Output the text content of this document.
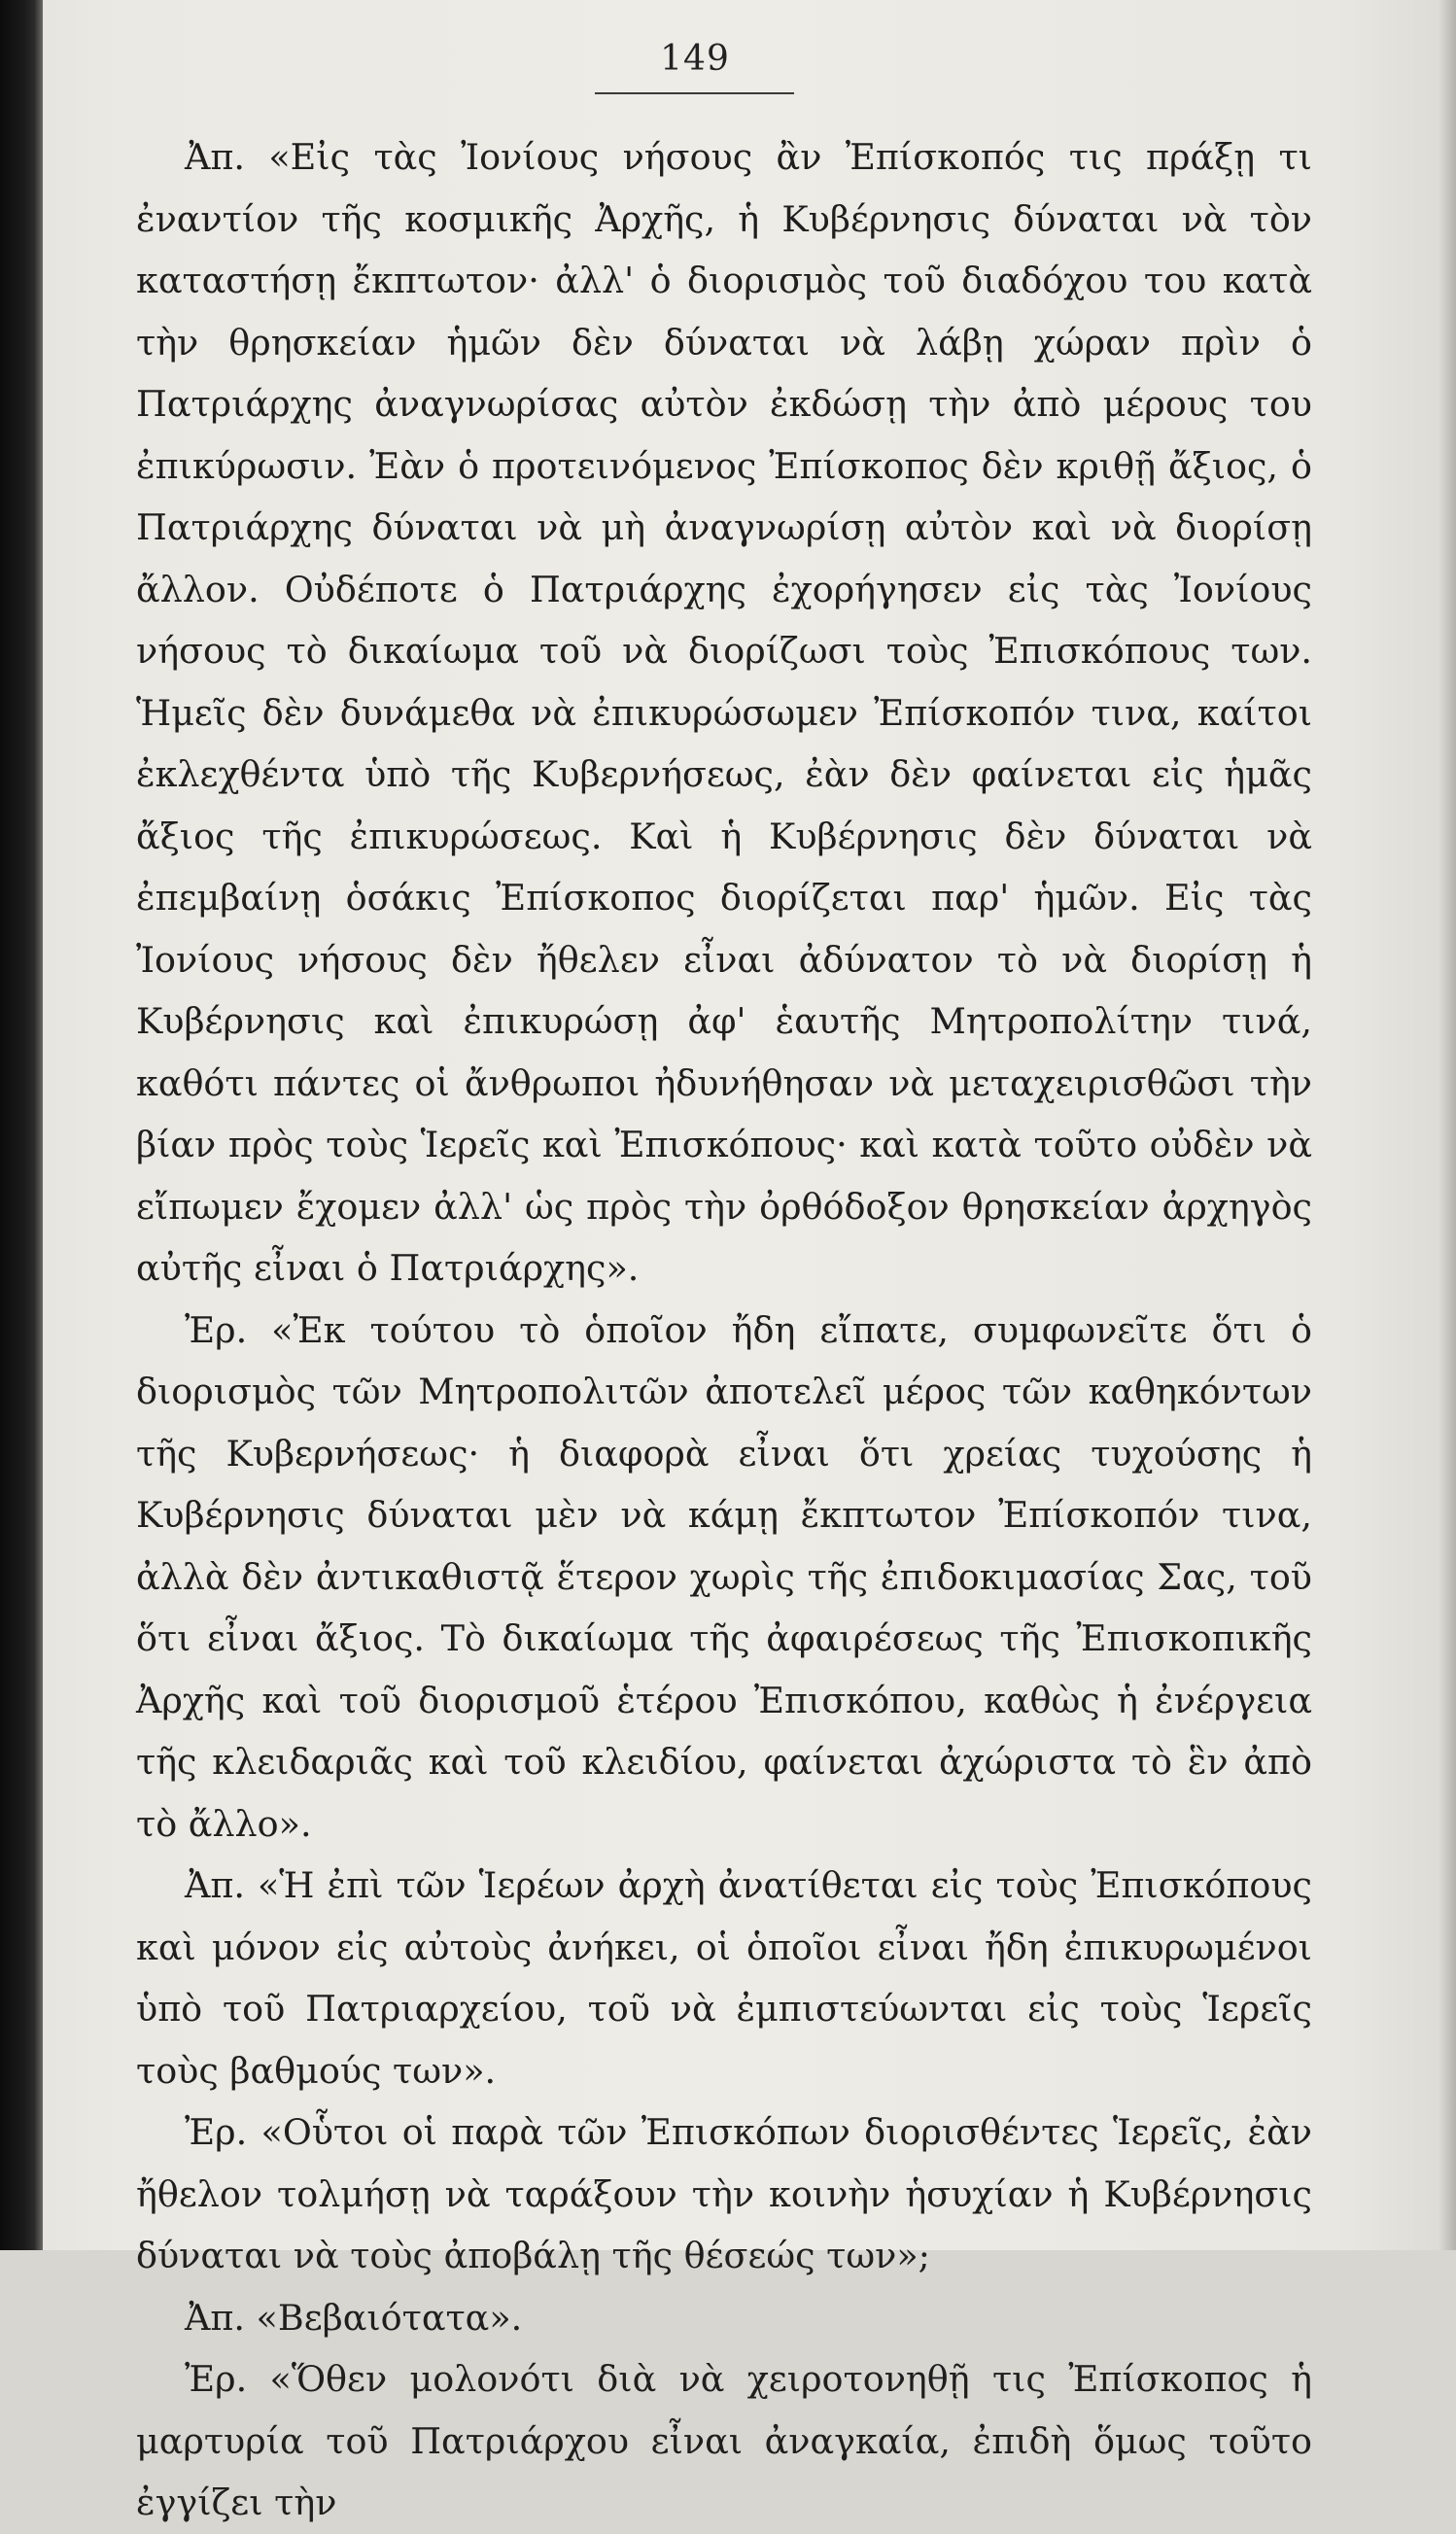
149

Ἀπ. «Εἰς τὰς Ἰονίους νήσους ἂν Ἐπίσκοπός τις πράξῃ τι ἐναντίον τῆς κοσμικῆς Ἀρχῆς, ἡ Κυβέρνησις δύναται νὰ τὸν καταστήσῃ ἔκπτωτον· ἀλλ' ὁ διορισμὸς τοῦ διαδόχου του κατὰ τὴν θρησκείαν ἡμῶν δὲν δύναται νὰ λάβῃ χώραν πρὶν ὁ Πατριάρχης ἀναγνωρίσας αὐτὸν ἐκδώσῃ τὴν ἀπὸ μέρους του ἐπικύρωσιν. Ἐὰν ὁ προτεινόμενος Ἐπίσκοπος δὲν κριθῇ ἄξιος, ὁ Πατριάρχης δύναται νὰ μὴ ἀναγνωρίσῃ αὐτὸν καὶ νὰ διορίσῃ ἄλλον. Οὐδέποτε ὁ Πατριάρχης ἐχορήγησεν εἰς τὰς Ἰονίους νήσους τὸ δικαίωμα τοῦ νὰ διορίζωσι τοὺς Ἐπισκόπους των. Ἡμεῖς δὲν δυνάμεθα νὰ ἐπικυρώσωμεν Ἐπίσκοπόν τινα, καίτοι ἐκλεχθέντα ὑπὸ τῆς Κυβερνήσεως, ἐὰν δὲν φαίνεται εἰς ἡμᾶς ἄξιος τῆς ἐπικυρώσεως. Καὶ ἡ Κυβέρνησις δὲν δύναται νὰ ἐπεμβαίνῃ ὁσάκις Ἐπίσκοπος διορίζεται παρ' ἡμῶν. Εἰς τὰς Ἰονίους νήσους δὲν ἤθελεν εἶναι ἀδύνατον τὸ νὰ διορίσῃ ἡ Κυβέρνησις καὶ ἐπικυρώσῃ ἀφ' ἑαυτῆς Μητροπολίτην τινά, καθότι πάντες οἱ ἄνθρωποι ἠδυνήθησαν νὰ μεταχειρισθῶσι τὴν βίαν πρὸς τοὺς Ἱερεῖς καὶ Ἐπισκόπους· καὶ κατὰ τοῦτο οὐδὲν νὰ εἴπωμεν ἔχομεν ἀλλ' ὡς πρὸς τὴν ὀρθόδοξον θρησκείαν ἀρχηγὸς αὐτῆς εἶναι ὁ Πατριάρχης».

Ἐρ. «Ἐκ τούτου τὸ ὁποῖον ἤδη εἴπατε, συμφωνεῖτε ὅτι ὁ διορισμὸς τῶν Μητροπολιτῶν ἀποτελεῖ μέρος τῶν καθηκόντων τῆς Κυβερνήσεως· ἡ διαφορὰ εἶναι ὅτι χρείας τυχούσης ἡ Κυβέρνησις δύναται μὲν νὰ κάμῃ ἔκπτωτον Ἐπίσκοπόν τινα, ἀλλὰ δὲν ἀντικαθιστᾷ ἕτερον χωρὶς τῆς ἐπιδοκιμασίας Σας, τοῦ ὅτι εἶναι ἄξιος. Τὸ δικαίωμα τῆς ἀφαιρέσεως τῆς Ἐπισκοπικῆς Ἀρχῆς καὶ τοῦ διορισμοῦ ἑτέρου Ἐπισκόπου, καθὼς ἡ ἐνέργεια τῆς κλειδαριᾶς καὶ τοῦ κλειδίου, φαίνεται ἀχώριστα τὸ ἓν ἀπὸ τὸ ἄλλο».

Ἀπ. «Ἡ ἐπὶ τῶν Ἱερέων ἀρχὴ ἀνατίθεται εἰς τοὺς Ἐπισκόπους καὶ μόνον εἰς αὐτοὺς ἀνήκει, οἱ ὁποῖοι εἶναι ἤδη ἐπικυρωμένοι ὑπὸ τοῦ Πατριαρχείου, τοῦ νὰ ἐμπιστεύωνται εἰς τοὺς Ἱερεῖς τοὺς βαθμούς των».

Ἐρ. «Οὗτοι οἱ παρὰ τῶν Ἐπισκόπων διορισθέντες Ἱερεῖς, ἐὰν ἤθελον τολμήσῃ νὰ ταράξουν τὴν κοινὴν ἡσυχίαν ἡ Κυβέρνησις δύναται νὰ τοὺς ἀποβάλῃ τῆς θέσεώς των»;

Ἀπ. «Βεβαιότατα».

Ἐρ. «Ὅθεν μολονότι διὰ νὰ χειροτονηθῇ τις Ἐπίσκοπος ἡ μαρτυρία τοῦ Πατριάρχου εἶναι ἀναγκαία, ἐπιδὴ ὅμως τοῦτο ἐγγίζει τὴν
